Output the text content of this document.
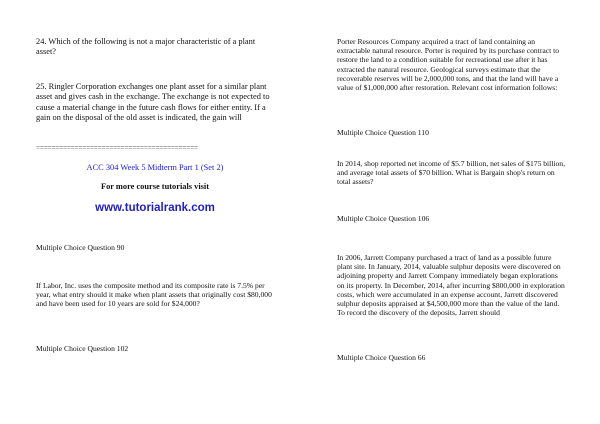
24. Which of the following is not a major characteristic of a plant asset?

25. Ringler Corporation exchanges one plant asset for a similar plant asset and gives cash in the exchange. The exchange is not expected to cause a material change in the future cash flows for either entity. If a gain on the disposal of the old asset is indicated, the gain will

==========================================

ACC 304 Week 5 Midterm Part 1 (Set 2)

For more course tutorials visit

www.tutorialrank.com

Multiple Choice Question 90

If Labor, Inc. uses the composite method and its composite rate is 7.5% per year, what entry should it make when plant assets that originally cost $80,000 and have been used for 10 years are sold for $24,000?

Multiple Choice Question 102

Porter Resources Company acquired a tract of land containing an extractable natural resource. Porter is required by its purchase contract to restore the land to a condition suitable for recreational use after it has extracted the natural resource. Geological surveys estimate that the recoverable reserves will be 2,000,000 tons, and that the land will have a value of $1,000,000 after restoration. Relevant cost information follows:

Multiple Choice Question 110

In 2014, shop reported net income of $5.7 billion, net sales of $175 billion, and average total assets of $70 billion. What is Bargain shop's return on total assets?

Multiple Choice Question 106

In 2006, Jarrett Company purchased a tract of land as a possible future plant site. In January, 2014, valuable sulphur deposits were discovered on adjoining property and Jarrett Company immediately began explorations on its property. In December, 2014, after incurring $800,000 in exploration costs, which were accumulated in an expense account, Jarrett discovered sulphur deposits appraised at $4,500,000 more than the value of the land. To record the discovery of the deposits, Jarrett should

Multiple Choice Question 66
